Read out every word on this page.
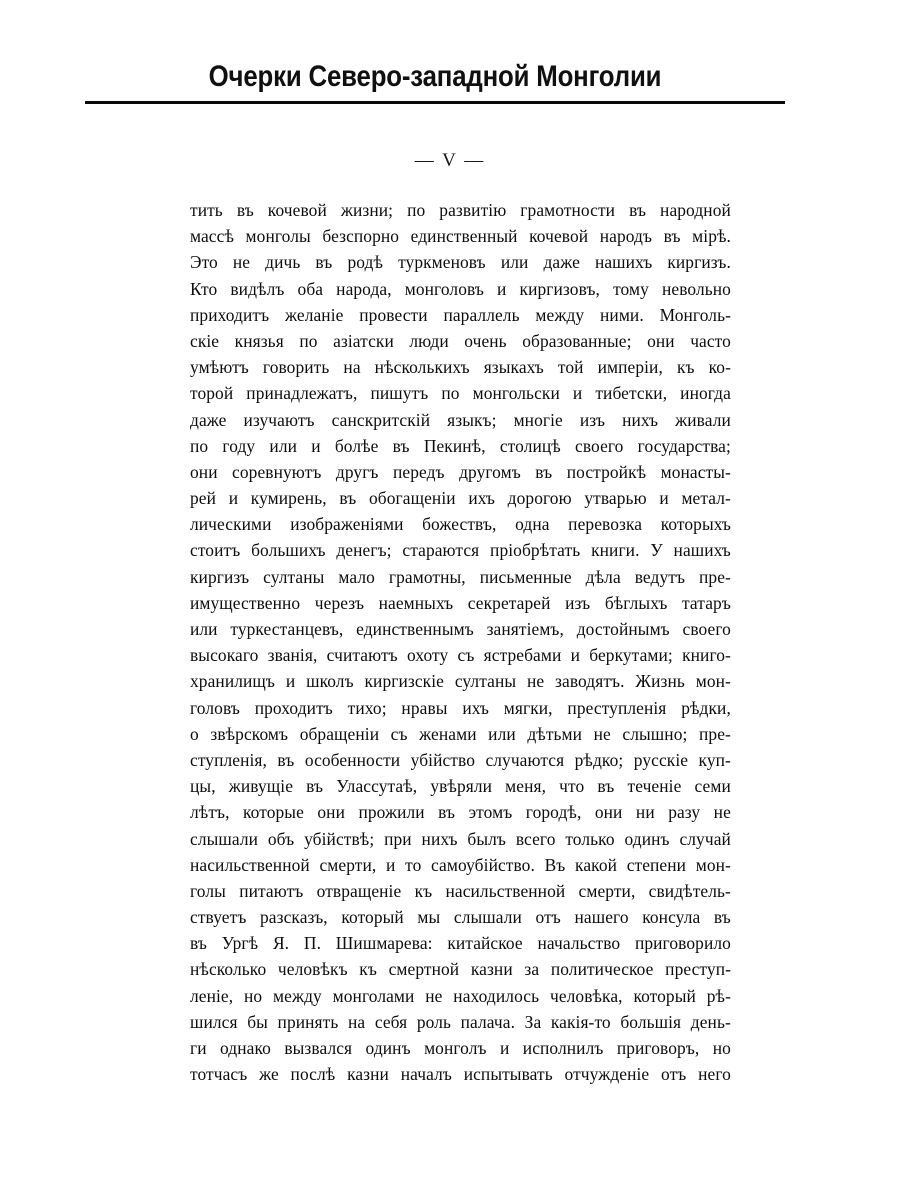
Очерки Северо-западной Монголии
— V —
тить въ кочевой жизни; по развитію грамотности въ народной
массѣ монголы безспорно единственный кочевой народъ въ мірѣ.
Это не дичь въ родѣ туркменовъ или даже нашихъ киргизъ.
Кто видѣлъ оба народа, монголовъ и киргизовъ, тому невольно
приходитъ желаніе провести параллель между ними. Монголь-
скіе князья по азіатски люди очень образованные; они часто
умѣютъ говорить на нѣсколькихъ языкахъ той имперіи, къ ко-
торой принадлежатъ, пишутъ по монгольски и тибетски, иногда
даже изучаютъ санскритскій языкъ; многіе изъ нихъ живали
по году или и болѣе въ Пекинѣ, столицѣ своего государства;
они соревнуютъ другъ передъ другомъ въ постройкѣ монасты-
рей и кумирень, въ обогащеніи ихъ дорогою утварью и метал-
лическими изображеніями божествъ, одна перевозка которыхъ
стоитъ большихъ денегъ; стараются пріобрѣтать книги. У нашихъ
киргизъ султаны мало грамотны, письменные дѣла ведутъ пре-
имущественно черезъ наемныхъ секретарей изъ бѣглыхъ татаръ
или туркестанцевъ, единственнымъ занятіемъ, достойнымъ своего
высокаго званія, считаютъ охоту съ ястребами и беркутами; книго-
хранилищъ и школъ киргизскіе султаны не заводятъ. Жизнь мон-
головъ проходитъ тихо; нравы ихъ мягки, преступленія рѣдки,
о звѣрскомъ обращеніи съ женами или дѣтьми не слышно; пре-
ступленія, въ особенности убійство случаются рѣдко; русскіе куп-
цы, живущіе въ Улассутаѣ, увѣряли меня, что въ теченіе семи
лѣтъ, которые они прожили въ этомъ городѣ, они ни разу не
слышали объ убійствѣ; при нихъ былъ всего только одинъ случай
насильственной смерти, и то самоубійство. Въ какой степени мон-
голы питаютъ отвращеніе къ насильственной смерти, свидѣтель-
ствуетъ разсказъ, который мы слышали отъ нашего консула въ
въ Ургѣ Я. П. Шишмарева: китайское начальство приговорило
нѣсколько человѣкъ къ смертной казни за политическое преступ-
леніе, но между монголами не находилось человѣка, который рѣ-
шился бы принять на себя роль палача. За какія-то большія день-
ги однако вызвался одинъ монголъ и исполнилъ приговоръ, но
тотчасъ же послѣ казни началъ испытывать отчужденіе отъ него
